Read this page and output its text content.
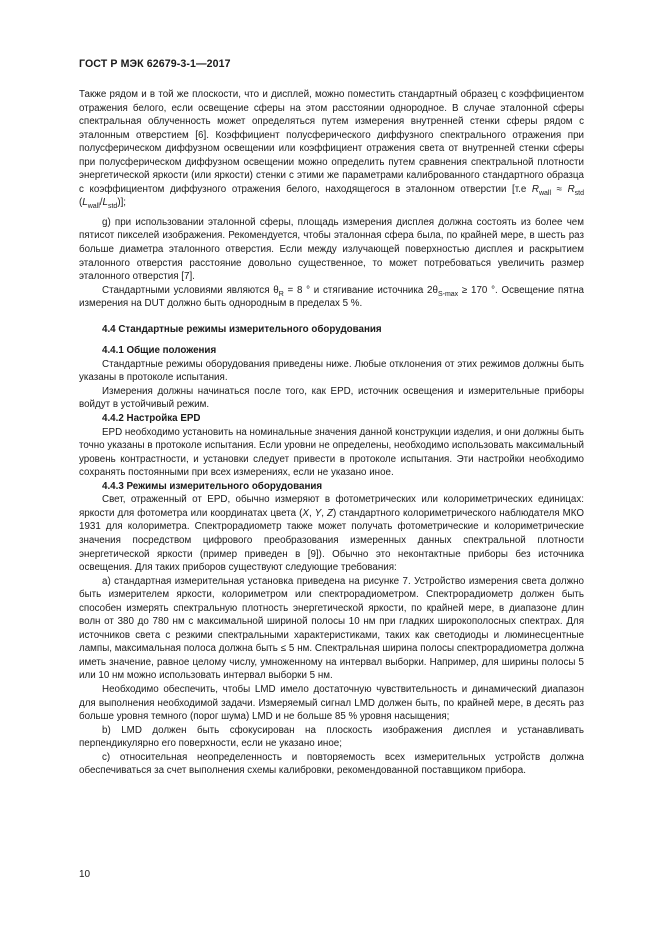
ГОСТ Р МЭК 62679-3-1—2017

Также рядом и в той же плоскости, что и дисплей, можно поместить стандартный образец с коэффициентом отражения белого, если освещение сферы на этом расстоянии однородное. В случае эталонной сферы спектральная облученность может определяться путем измерения внутренней стенки сферы рядом с эталонным отверстием [6]. Коэффициент полусферического диффузного спектрального отражения при полусферическом диффузном освещении или коэффициент отражения света от внутренней стенки сферы при полусферическом диффузном освещении можно определить путем сравнения спектральной плотности энергетической яркости (или яркости) стенки с этими же параметрами калиброванного стандартного образца с коэффициентом диффузного отражения белого, находящегося в эталонном отверстии [т.е $R_{wall} \approx R_{std}$ $(L_{wall}/L_{std})$];

g) при использовании эталонной сферы, площадь измерения дисплея должна состоять из более чем пятисот пикселей изображения. Рекомендуется, чтобы эталонная сфера была, по крайней мере, в шесть раз больше диаметра эталонного отверстия. Если между излучающей поверхностью дисплея и раскрытием эталонного отверстия расстояние довольно существенное, то может потребоваться увеличить размер эталонного отверстия [7].

Стандартными условиями являются $\theta_R = 8$ ° и стягивание источника $2\theta_{S-max} \ge 170$ °. Освещение пятна измерения на DUT должно быть однородным в пределах 5 %.

4.4 Стандартные режимы измерительного оборудования

4.4.1 Общие положения

Стандартные режимы оборудования приведены ниже. Любые отклонения от этих режимов должны быть указаны в протоколе испытания.

Измерения должны начинаться после того, как EPD, источник освещения и измерительные приборы войдут в устойчивый режим.

4.4.2 Настройка EPD

EPD необходимо установить на номинальные значения данной конструкции изделия, и они должны быть точно указаны в протоколе испытания. Если уровни не определены, необходимо использовать максимальный уровень контрастности, и установки следует привести в протоколе испытания. Эти настройки необходимо сохранять постоянными при всех измерениях, если не указано иное.

4.4.3 Режимы измерительного оборудования

Свет, отраженный от EPD, обычно измеряют в фотометрических или колориметрических единицах: яркости для фотометра или координатах цвета (X, Y, Z) стандартного колориметрического наблюдателя МКО 1931 для колориметра. Спектрорадиометр также может получать фотометрические и колориметрические значения посредством цифрового преобразования измеренных данных спектральной плотности энергетической яркости (пример приведен в [9]). Обычно это неконтактные приборы без источника освещения. Для таких приборов существуют следующие требования:

a) стандартная измерительная установка приведена на рисунке 7. Устройство измерения света должно быть измерителем яркости, колориметром или спектрорадиометром. Спектрорадиометр должен быть способен измерять спектральную плотность энергетической яркости, по крайней мере, в диапазоне длин волн от 380 до 780 нм с максимальной шириной полосы 10 нм при гладких широкополосных спектрах. Для источников света с резкими спектральными характеристиками, таких как светодиоды и люминесцентные лампы, максимальная полоса должна быть ≤ 5 нм. Спектральная ширина полосы спектрорадиометра должна иметь значение, равное целому числу, умноженному на интервал выборки. Например, для ширины полосы 5 или 10 нм можно использовать интервал выборки 5 нм.

Необходимо обеспечить, чтобы LMD имело достаточную чувствительность и динамический диапазон для выполнения необходимой задачи. Измеряемый сигнал LMD должен быть, по крайней мере, в десять раз больше уровня темного (порог шума) LMD и не больше 85 % уровня насыщения;

b) LMD должен быть сфокусирован на плоскость изображения дисплея и устанавливать перпендикулярно его поверхности, если не указано иное;

c) относительная неопределенность и повторяемость всех измерительных устройств должна обеспечиваться за счет выполнения схемы калибровки, рекомендованной поставщиком прибора.

10
